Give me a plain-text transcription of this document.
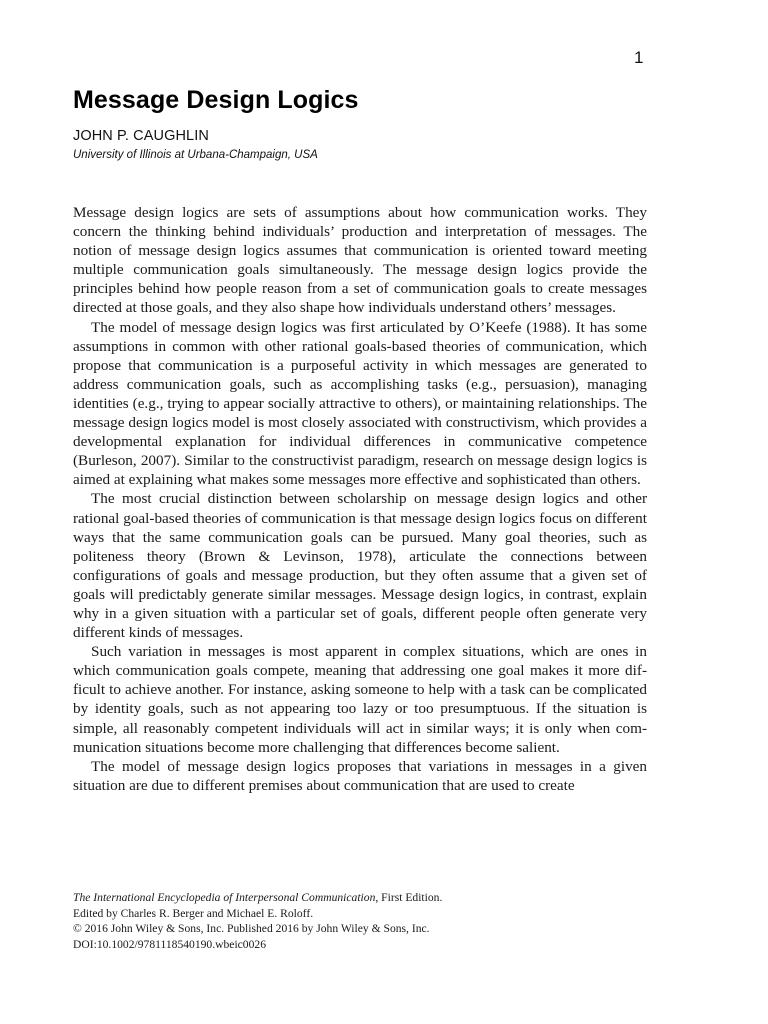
1
Message Design Logics
JOHN P. CAUGHLIN
University of Illinois at Urbana-Champaign, USA

Message design logics are sets of assumptions about how communication works. They concern the thinking behind individuals’ production and interpretation of messages. The notion of message design logics assumes that communication is oriented toward meeting multiple communication goals simultaneously. The message design logics provide the principles behind how people reason from a set of communication goals to create messages directed at those goals, and they also shape how individuals understand others’ messages.

The model of message design logics was first articulated by O’Keefe (1988). It has some assumptions in common with other rational goals-based theories of communication, which propose that communication is a purposeful activity in which messages are generated to address communication goals, such as accomplishing tasks (e.g., persuasion), managing identities (e.g., trying to appear socially attractive to others), or maintaining relationships. The message design logics model is most closely associated with constructivism, which provides a developmental explanation for individual differences in communicative competence (Burleson, 2007). Similar to the constructivist paradigm, research on message design logics is aimed at explaining what makes some messages more effective and sophisticated than others.

The most crucial distinction between scholarship on message design logics and other rational goal-based theories of communication is that message design logics focus on different ways that the same communication goals can be pursued. Many goal theories, such as politeness theory (Brown & Levinson, 1978), articulate the connections between configurations of goals and message production, but they often assume that a given set of goals will predictably generate similar messages. Message design logics, in contrast, explain why in a given situation with a particular set of goals, different people often generate very different kinds of messages.

Such variation in messages is most apparent in complex situations, which are ones in which communication goals compete, meaning that addressing one goal makes it more difficult to achieve another. For instance, asking someone to help with a task can be complicated by identity goals, such as not appearing too lazy or too presumptuous. If the situation is simple, all reasonably competent individuals will act in similar ways; it is only when communication situations become more challenging that differences become salient.

The model of message design logics proposes that variations in messages in a given situation are due to different premises about communication that are used to create

The International Encyclopedia of Interpersonal Communication, First Edition.
Edited by Charles R. Berger and Michael E. Roloff.
© 2016 John Wiley & Sons, Inc. Published 2016 by John Wiley & Sons, Inc.
DOI:10.1002/9781118540190.wbeic0026
